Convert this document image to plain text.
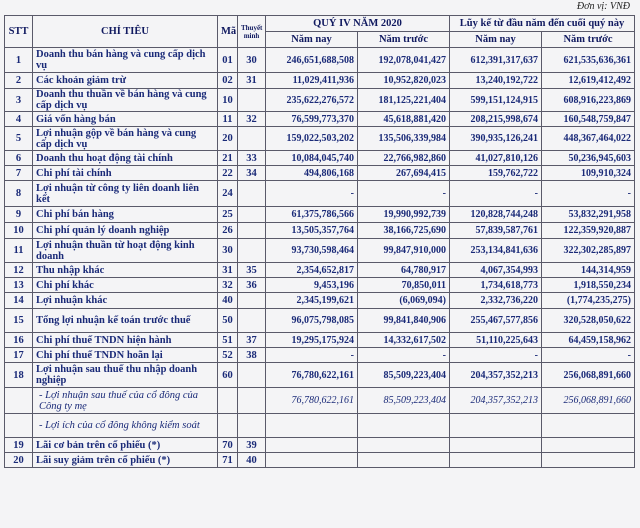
Đơn vị: VNĐ
STT	CHỈ TIÊU	Mã	Thuyết minh	QUÝ IV NĂM 2020		Lũy kế từ đầu năm đến cuối quý này	
				Năm nay	Năm trước	Năm nay	Năm trước
1	Doanh thu bán hàng và cung cấp dịch vụ	01	30	246,651,688,508	192,078,041,427	612,391,317,637	621,535,636,361
2	Các khoản giảm trừ	02	31	11,029,411,936	10,952,820,023	13,240,192,722	12,619,412,492
3	Doanh thu thuần về bán hàng và cung cấp dịch vụ	10		235,622,276,572	181,125,221,404	599,151,124,915	608,916,223,869
4	Giá vốn hàng bán	11	32	76,599,773,370	45,618,881,420	208,215,998,674	160,548,759,847
5	Lợi nhuận gộp về bán hàng và cung cấp dịch vụ	20		159,022,503,202	135,506,339,984	390,935,126,241	448,367,464,022
6	Doanh thu hoạt động tài chính	21	33	10,084,045,740	22,766,982,860	41,027,810,126	50,236,945,603
7	Chi phí tài chính	22	34	494,806,168	267,694,415	159,762,722	109,910,324
8	Lợi nhuận từ công ty liên doanh liên kết	24		-	-	-	-
9	Chi phí bán hàng	25		61,375,786,566	19,990,992,739	120,828,744,248	53,832,291,958
10	Chi phí quản lý doanh nghiệp	26		13,505,357,764	38,166,725,690	57,839,587,761	122,359,920,887
11	Lợi nhuận thuần từ hoạt động kinh doanh	30		93,730,598,464	99,847,910,000	253,134,841,636	322,302,285,897
12	Thu nhập khác	31	35	2,354,652,817	64,780,917	4,067,354,993	144,314,959
13	Chi phí khác	32	36	9,453,196	70,850,011	1,734,618,773	1,918,550,234
14	Lợi nhuận khác	40		2,345,199,621	(6,069,094)	2,332,736,220	(1,774,235,275)
15	Tổng lợi nhuận kế toán trước thuế	50		96,075,798,085	99,841,840,906	255,467,577,856	320,528,050,622
16	Chi phí thuế TNDN hiện hành	51	37	19,295,175,924	14,332,617,502	51,110,225,643	64,459,158,962
17	Chi phí thuế TNDN hoãn lại	52	38	-	-	-	-
18	Lợi nhuận sau thuế thu nhập doanh nghiệp	60		76,780,622,161	85,509,223,404	204,357,352,213	256,068,891,660
	- Lợi nhuận sau thuế của cổ đông của Công ty mẹ			76,780,622,161	85,509,223,404	204,357,352,213	256,068,891,660
	- Lợi ích của cổ đông không kiểm soát						
19	Lãi cơ bản trên cổ phiếu (*)	70	39				
20	Lãi suy giảm trên cổ phiếu (*)	71	40				
